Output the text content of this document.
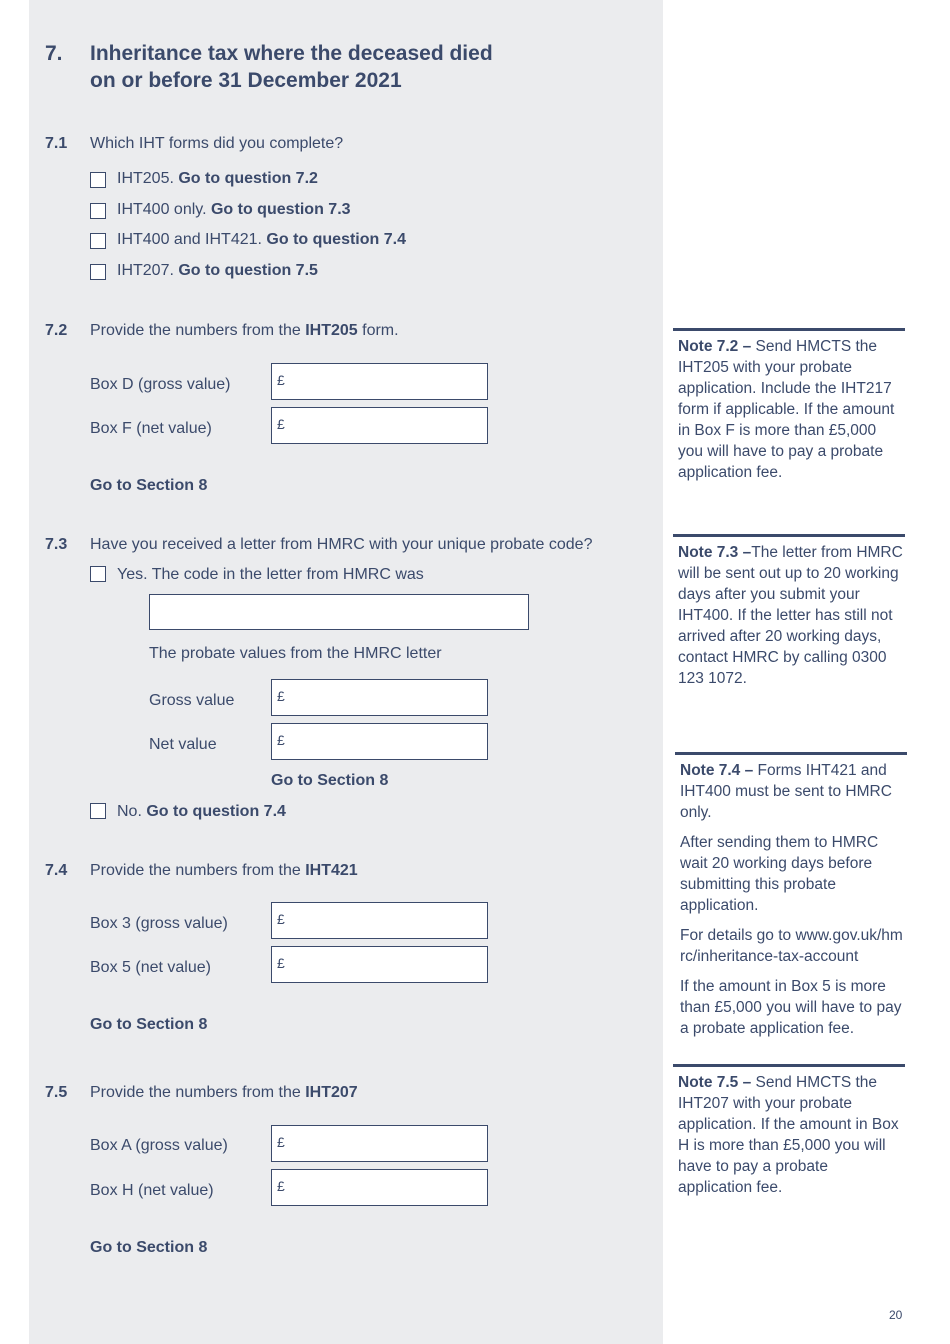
7. Inheritance tax where the deceased died
on or before 31 December 2021
7.1 Which IHT forms did you complete?
IHT205. Go to question 7.2
IHT400 only. Go to question 7.3
IHT400 and IHT421. Go to question 7.4
IHT207. Go to question 7.5
7.2 Provide the numbers from the IHT205 form.
Box D (gross value)	£
Box F (net value)	£
Go to Section 8
7.3 Have you received a letter from HMRC with your unique probate code?
Yes. The code in the letter from HMRC was
The probate values from the HMRC letter
Gross value	£
Net value	£
Go to Section 8
No. Go to question 7.4
7.4 Provide the numbers from the IHT421
Box 3 (gross value)	£
Box 5 (net value)	£
Go to Section 8
7.5 Provide the numbers from the IHT207
Box A (gross value)	£
Box H (net value)	£
Go to Section 8

Note 7.2 – Send HMCTS the IHT205 with your probate application. Include the IHT217 form if applicable. If the amount in Box F is more than £5,000 you will have to pay a probate application fee.

Note 7.3 –The letter from HMRC will be sent out up to 20 working days after you submit your IHT400. If the letter has still not arrived after 20 working days, contact HMRC by calling 0300 123 1072.

Note 7.4 – Forms IHT421 and IHT400 must be sent to HMRC only.

After sending them to HMRC wait 20 working days before submitting this probate application.

For details go to www.gov.uk/hmrc/inheritance-tax-account

If the amount in Box 5 is more than £5,000 you will have to pay a probate application fee.

Note 7.5 – Send HMCTS the IHT207 with your probate application. If the amount in Box H is more than £5,000 you will have to pay a probate application fee.

20
